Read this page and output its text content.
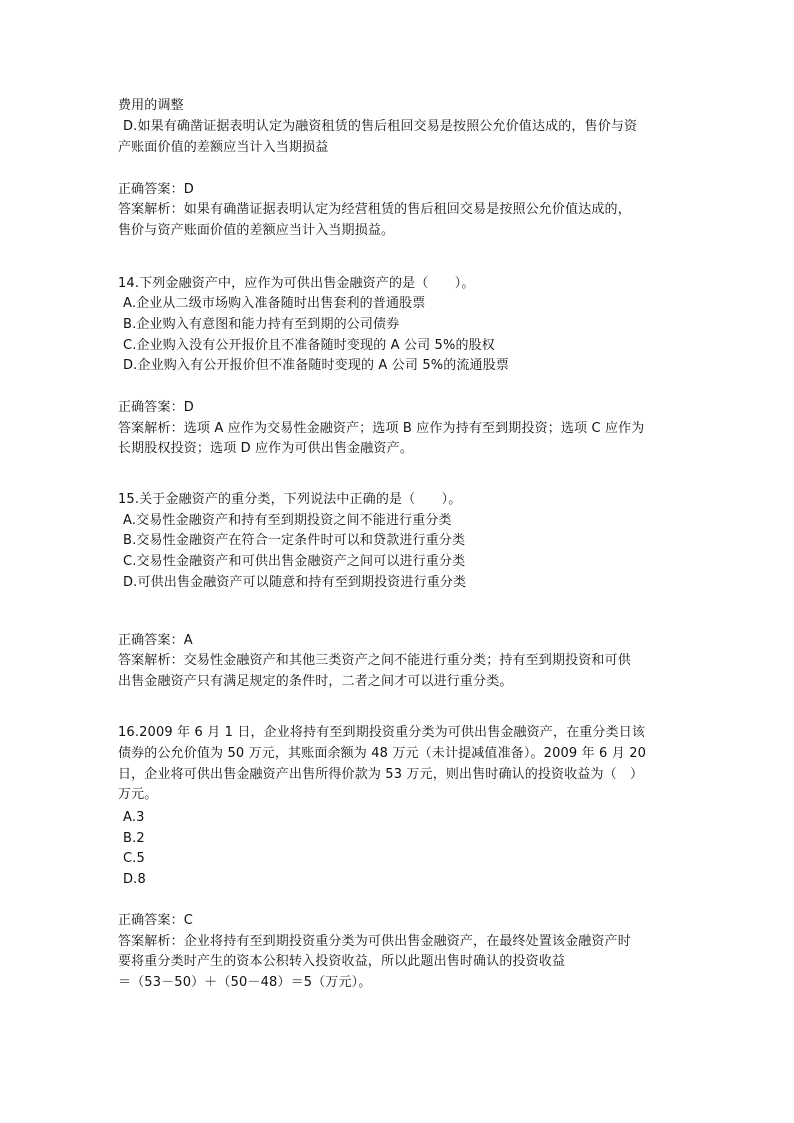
费用的调整
D.如果有确凿证据表明认定为融资租赁的售后租回交易是按照公允价值达成的，售价与资
产账面价值的差额应当计入当期损益
正确答案：D
答案解析：如果有确凿证据表明认定为经营租赁的售后租回交易是按照公允价值达成的，
售价与资产账面价值的差额应当计入当期损益。
14.下列金融资产中，应作为可供出售金融资产的是（　　）。
A.企业从二级市场购入准备随时出售套利的普通股票
B.企业购入有意图和能力持有至到期的公司债券
C.企业购入没有公开报价且不准备随时变现的 A 公司 5%的股权
D.企业购入有公开报价但不准备随时变现的 A 公司 5%的流通股票
正确答案：D
答案解析：选项 A 应作为交易性金融资产；选项 B 应作为持有至到期投资；选项 C 应作为
长期股权投资；选项 D 应作为可供出售金融资产。
15.关于金融资产的重分类，下列说法中正确的是（　　）。
A.交易性金融资产和持有至到期投资之间不能进行重分类
B.交易性金融资产在符合一定条件时可以和贷款进行重分类
C.交易性金融资产和可供出售金融资产之间可以进行重分类
D.可供出售金融资产可以随意和持有至到期投资进行重分类
正确答案：A
答案解析：交易性金融资产和其他三类资产之间不能进行重分类；持有至到期投资和可供
出售金融资产只有满足规定的条件时，二者之间才可以进行重分类。
16.2009 年 6 月 1 日，企业将持有至到期投资重分类为可供出售金融资产，在重分类日该
债券的公允价值为 50 万元，其账面余额为 48 万元（未计提减值准备）。2009 年 6 月 20
日，企业将可供出售金融资产出售所得价款为 53 万元，则出售时确认的投资收益为（　）
万元。
A.3
B.2
C.5
D.8
正确答案：C
答案解析：企业将持有至到期投资重分类为可供出售金融资产，在最终处置该金融资产时
要将重分类时产生的资本公积转入投资收益，所以此题出售时确认的投资收益
＝（53－50）＋（50－48）＝5（万元）。
